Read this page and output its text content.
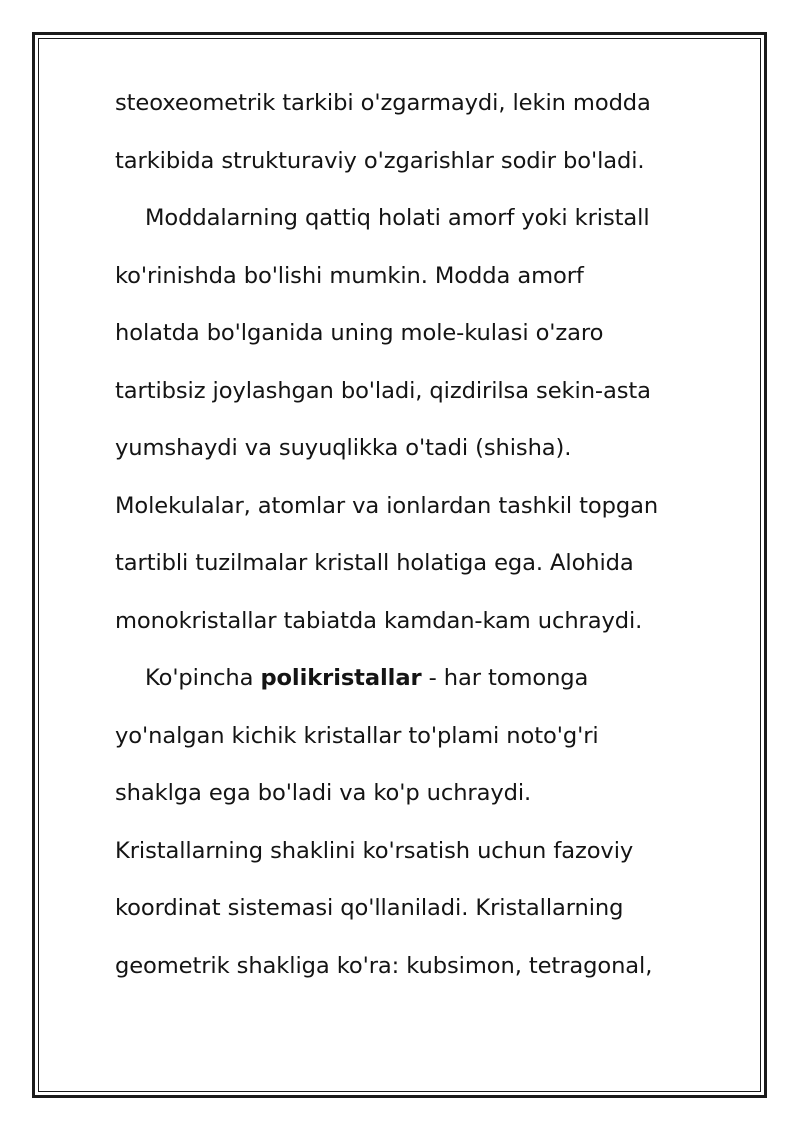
steoxeometrik tarkibi o'zgarmaydi, lekin modda
tarkibida strukturaviy o'zgarishlar sodir bo'ladi.
Moddalarning qattiq holati amorf yoki kristall
ko'rinishda bo'lishi mumkin. Modda amorf
holatda bo'lganida uning mole-kulasi o'zaro
tartibsiz joylashgan bo'ladi, qizdirilsa sekin-asta
yumshaydi va suyuqlikka o'tadi (shisha).
Molekulalar, atomlar va ionlardan tashkil topgan
tartibli tuzilmalar kristall holatiga ega. Alohida
monokristallar tabiatda kamdan-kam uchraydi.
Ko'pincha polikristallar - har tomonga
yo'nalgan kichik kristallar to'plami noto'g'ri
shaklga ega bo'ladi va ko'p uchraydi.
Kristallarning shaklini ko'rsatish uchun fazoviy
koordinat sistemasi qo'llaniladi. Kristallarning
geometrik shakliga ko'ra: kubsimon, tetragonal,
